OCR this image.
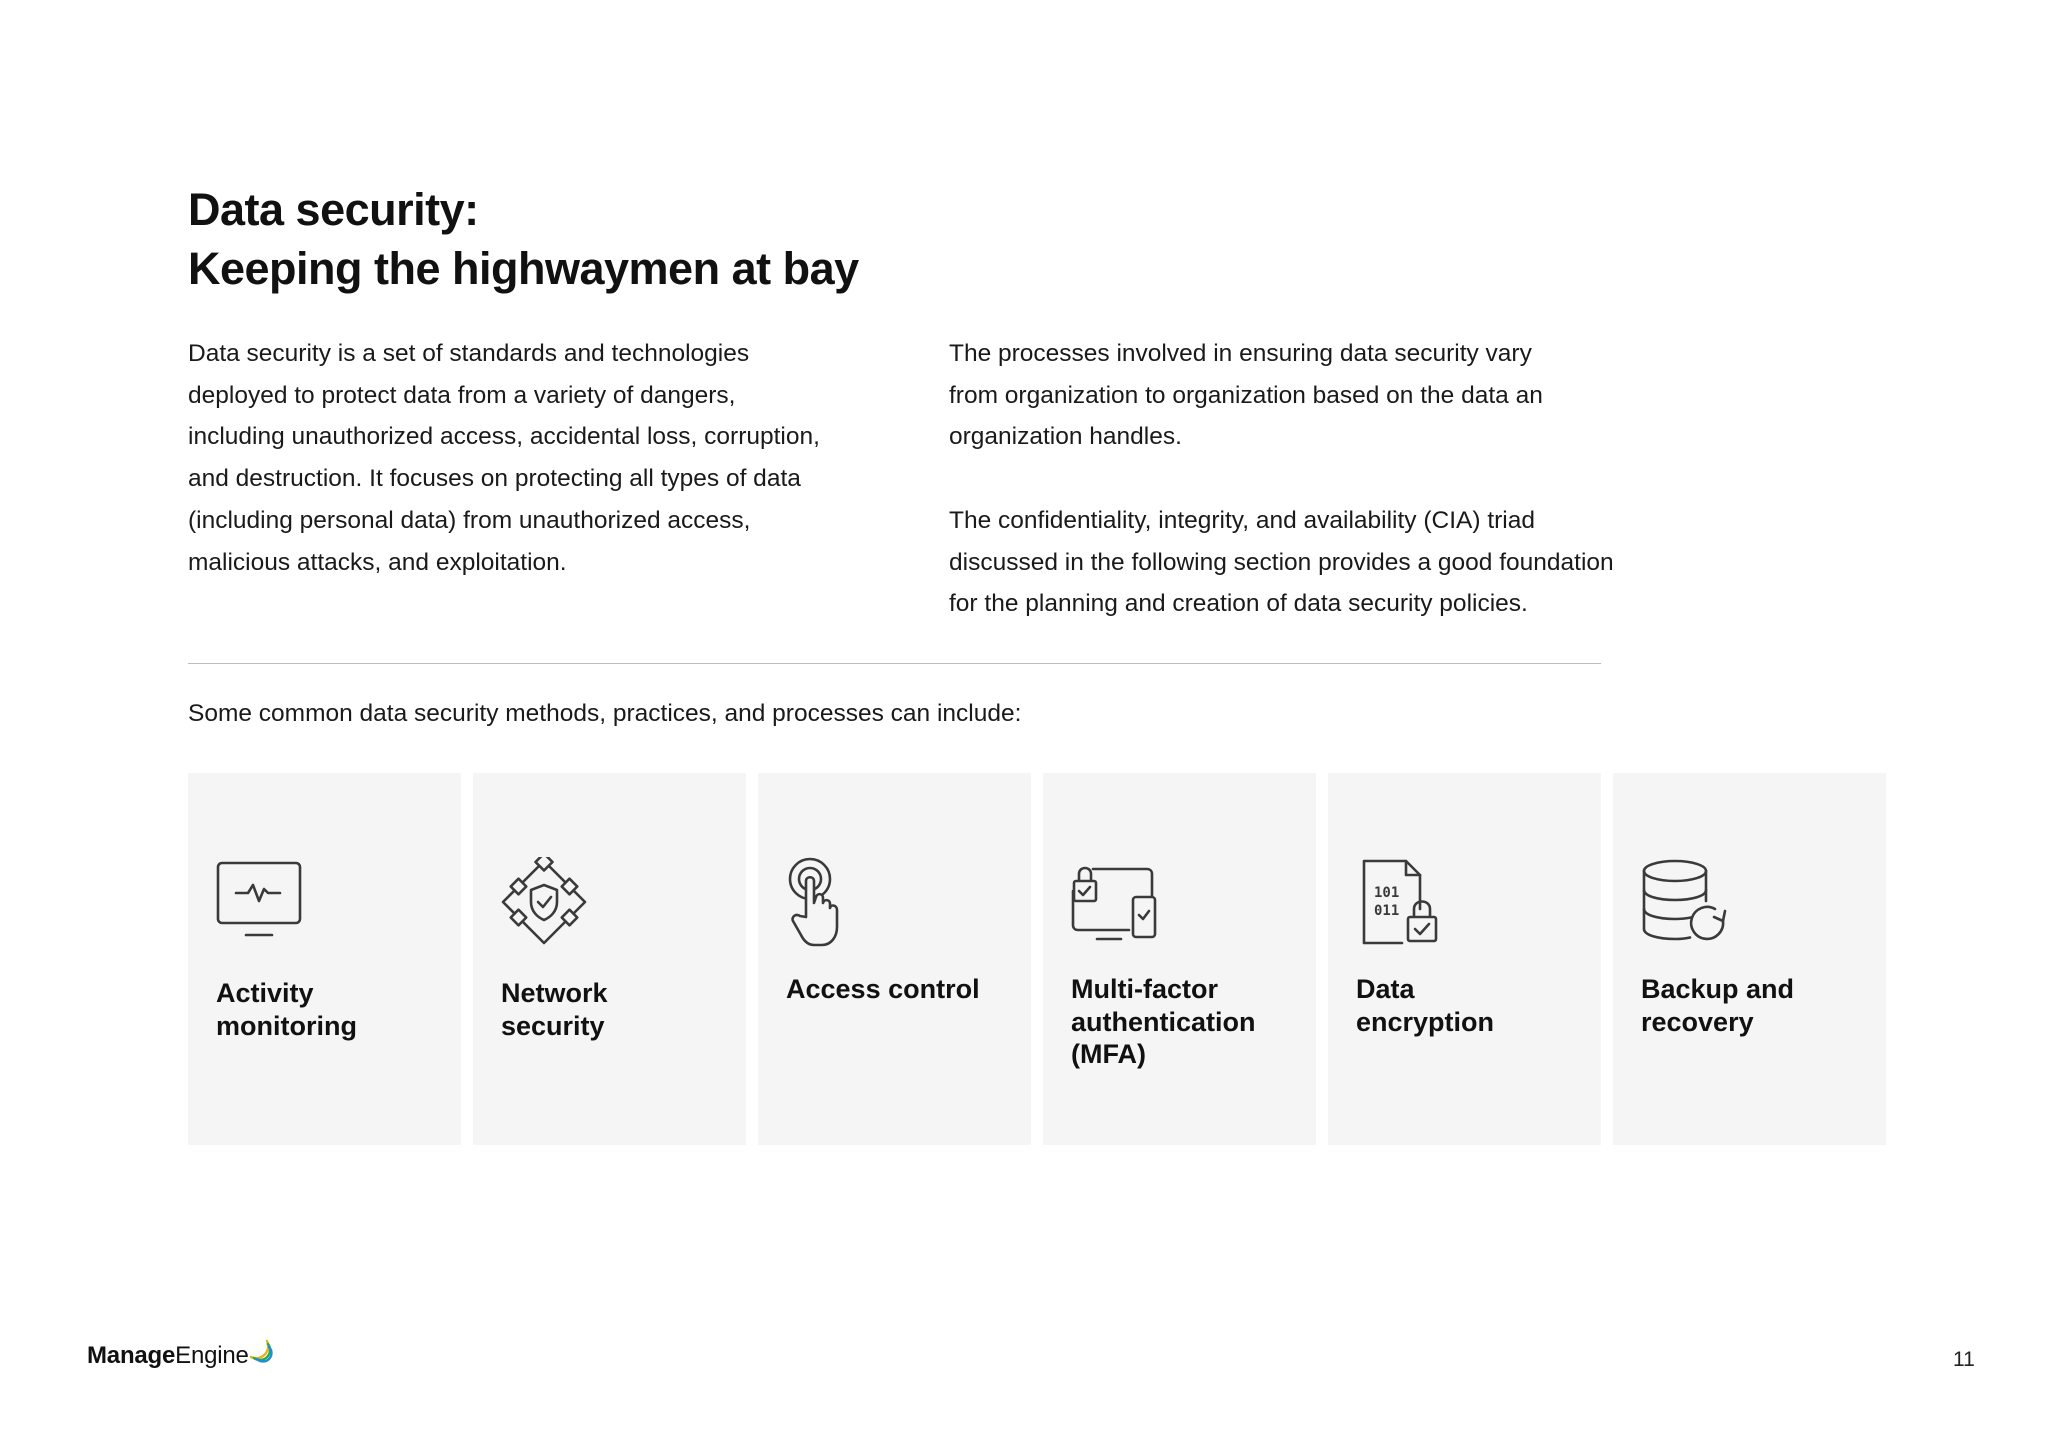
Data security:
Keeping the highwaymen at bay

Data security is a set of standards and technologies
deployed to protect data from a variety of dangers,
including unauthorized access, accidental loss, corruption,
and destruction. It focuses on protecting all types of data
(including personal data) from unauthorized access,
malicious attacks, and exploitation.

The processes involved in ensuring data security vary
from organization to organization based on the data an
organization handles.

The confidentiality, integrity, and availability (CIA) triad
discussed in the following section provides a good foundation
for the planning and creation of data security policies.

Some common data security methods, practices, and processes can include:

Activity
monitoring
Network
security
Access control	Multi-factor
authentication
(MFA)
101
011
Data
encryption
Backup and
recovery
ManageEngine	11
